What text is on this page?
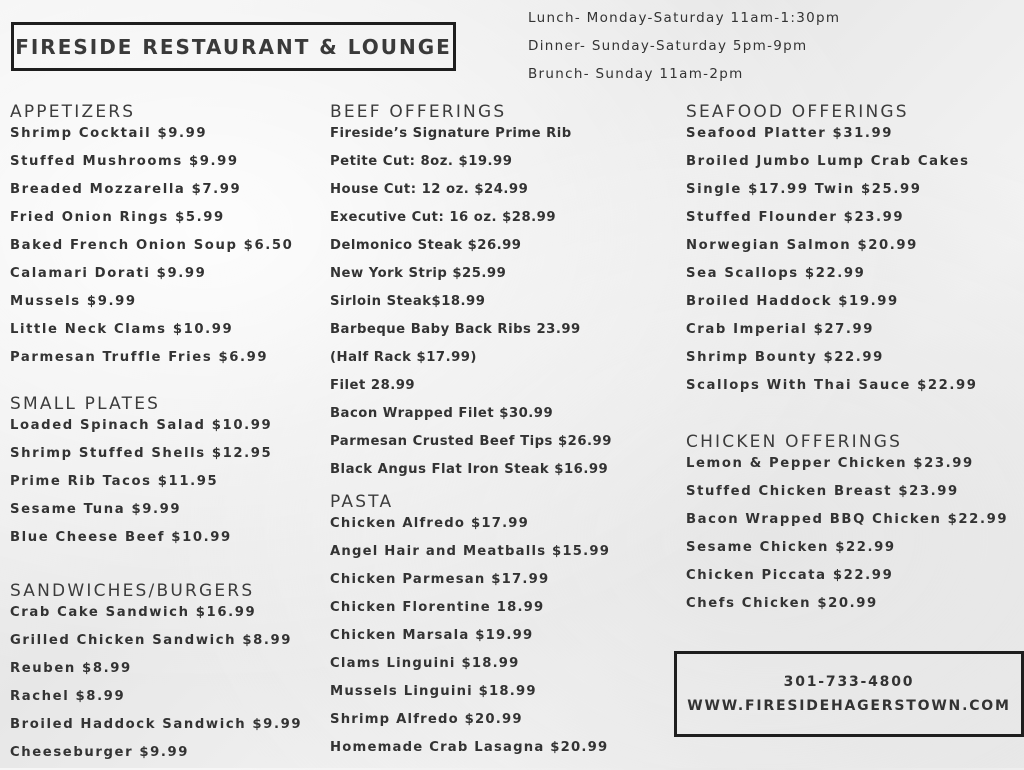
FIRESIDE RESTAURANT & LOUNGE
Lunch- Monday-Saturday 11am-1:30pm
Dinner- Sunday-Saturday 5pm-9pm
Brunch- Sunday 11am-2pm
APPETIZERS
Shrimp Cocktail $9.99
Stuffed Mushrooms $9.99
Breaded Mozzarella $7.99
Fried Onion Rings $5.99
Baked French Onion Soup $6.50
Calamari Dorati $9.99
Mussels $9.99
Little Neck Clams $10.99
Parmesan Truffle Fries $6.99
SMALL PLATES
Loaded Spinach Salad $10.99
Shrimp Stuffed Shells $12.95
Prime Rib Tacos $11.95
Sesame Tuna $9.99
Blue Cheese Beef $10.99
SANDWICHES/BURGERS
Crab Cake Sandwich $16.99
Grilled Chicken Sandwich $8.99
Reuben $8.99
Rachel $8.99
Broiled Haddock Sandwich $9.99
Cheeseburger $9.99
BEEF OFFERINGS
Fireside’s Signature Prime Rib
Petite Cut: 8oz. $19.99
House Cut: 12 oz. $24.99
Executive Cut: 16 oz. $28.99
Delmonico Steak $26.99
New York Strip $25.99
Sirloin Steak$18.99
Barbeque Baby Back Ribs 23.99
(Half Rack $17.99)
Filet 28.99
Bacon Wrapped Filet $30.99
Parmesan Crusted Beef Tips $26.99
Black Angus Flat Iron Steak $16.99
PASTA
Chicken Alfredo $17.99
Angel Hair and Meatballs $15.99
Chicken Parmesan $17.99
Chicken Florentine 18.99
Chicken Marsala $19.99
Clams Linguini $18.99
Mussels Linguini $18.99
Shrimp Alfredo $20.99
Homemade Crab Lasagna $20.99
SEAFOOD OFFERINGS
Seafood Platter $31.99
Broiled Jumbo Lump Crab Cakes
Single $17.99 Twin $25.99
Stuffed Flounder $23.99
Norwegian Salmon $20.99
Sea Scallops $22.99
Broiled Haddock $19.99
Crab Imperial $27.99
Shrimp Bounty $22.99
Scallops With Thai Sauce $22.99
CHICKEN OFFERINGS
Lemon & Pepper Chicken $23.99
Stuffed Chicken Breast $23.99
Bacon Wrapped BBQ Chicken $22.99
Sesame Chicken $22.99
Chicken Piccata $22.99
Chefs Chicken $20.99
301-733-4800
WWW.FIRESIDEHAGERSTOWN.COM
